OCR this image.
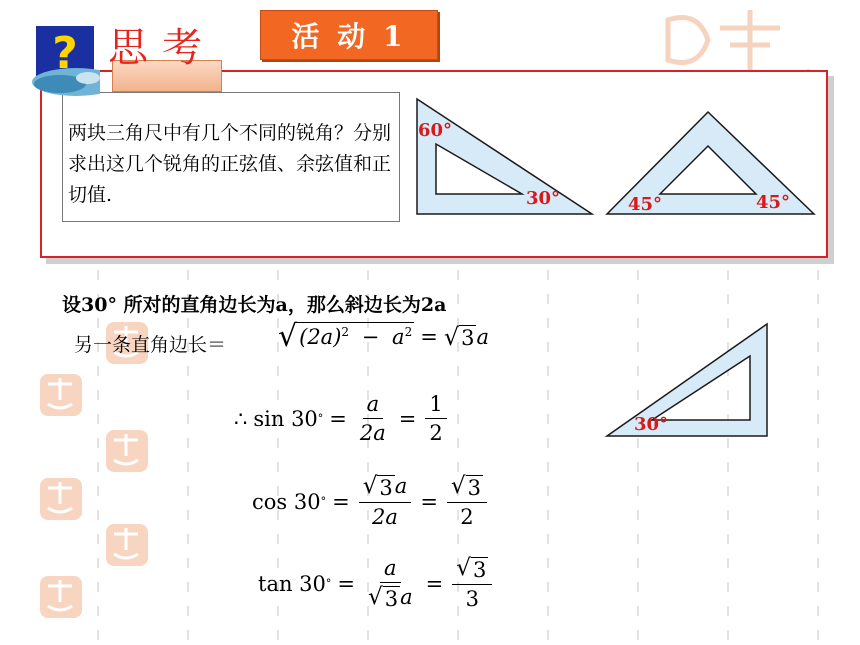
活 动 1
思考
?
两块三角尺中有几个不同的锐角？分别求出这几个锐角的正弦值、余弦值和正切值.
60°
30°	45°	45°
30°
设30° 所对的直角边长为a，那么斜边长为2a
另一条直角边长＝ √ $(2a)^2 - a^2$ = √ 3 a
∴ sin 30 ° = $\frac{a}{2a} = \frac{1}{2}$
cos 30 ° = $\frac{√ 3 a}{2a} = \frac{√ 3}{2}$
tan 30 ° = $\frac{a}{√ 3 a} = \frac{√ 3}{3}$
